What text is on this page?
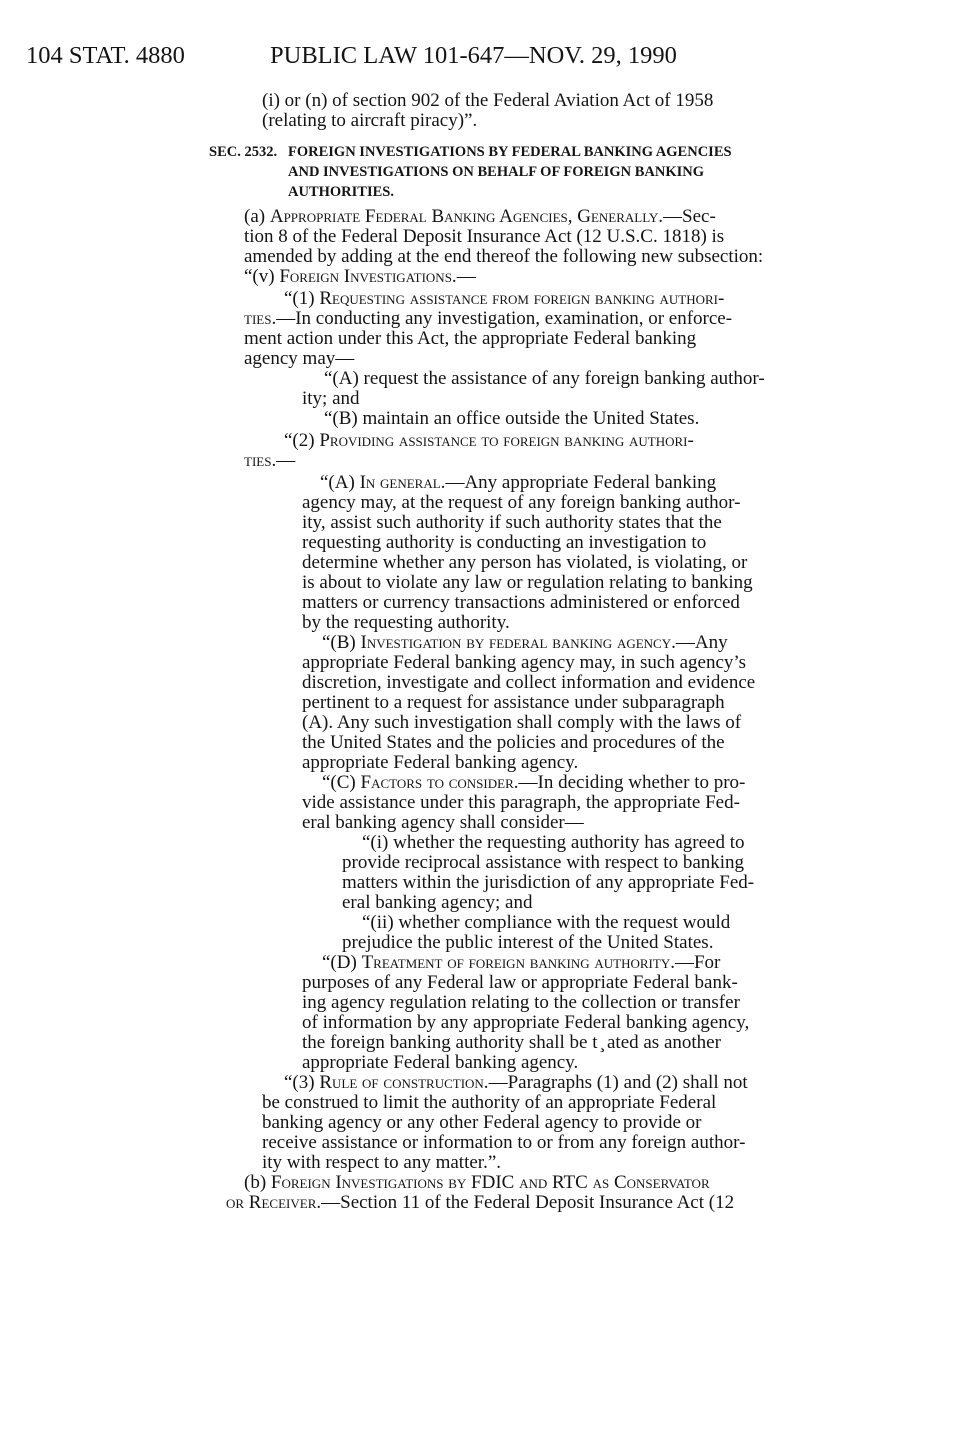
104 STAT. 4880	PUBLIC LAW 101-647—NOV. 29, 1990
(i) or (n) of section 902 of the Federal Aviation Act of 1958
(relating to aircraft piracy)”.
SEC. 2532. FOREIGN INVESTIGATIONS BY FEDERAL BANKING AGENCIES
AND INVESTIGATIONS ON BEHALF OF FOREIGN BANKING
AUTHORITIES.
(a) Appropriate Federal Banking Agencies, Generally.—Sec-
tion 8 of the Federal Deposit Insurance Act (12 U.S.C. 1818) is
amended by adding at the end thereof the following new subsection:
“(v) Foreign Investigations.—
“(1) Requesting assistance from foreign banking authori-
ties.—In conducting any investigation, examination, or enforce-
ment action under this Act, the appropriate Federal banking
agency may—
“(A) request the assistance of any foreign banking author-
ity; and
“(B) maintain an office outside the United States.
“(2) Providing assistance to foreign banking authori-
ties.—
“(A) In general.—Any appropriate Federal banking
agency may, at the request of any foreign banking author-
ity, assist such authority if such authority states that the
requesting authority is conducting an investigation to
determine whether any person has violated, is violating, or
is about to violate any law or regulation relating to banking
matters or currency transactions administered or enforced
by the requesting authority.
“(B) Investigation by federal banking agency.—Any
appropriate Federal banking agency may, in such agency’s
discretion, investigate and collect information and evidence
pertinent to a request for assistance under subparagraph
(A). Any such investigation shall comply with the laws of
the United States and the policies and procedures of the
appropriate Federal banking agency.
“(C) Factors to consider.—In deciding whether to pro-
vide assistance under this paragraph, the appropriate Fed-
eral banking agency shall consider—
“(i) whether the requesting authority has agreed to
provide reciprocal assistance with respect to banking
matters within the jurisdiction of any appropriate Fed-
eral banking agency; and
“(ii) whether compliance with the request would
prejudice the public interest of the United States.
“(D) Treatment of foreign banking authority.—For
purposes of any Federal law or appropriate Federal bank-
ing agency regulation relating to the collection or transfer
of information by any appropriate Federal banking agency,
the foreign banking authority shall be t ̧ ated as another
appropriate Federal banking agency.
“(3) Rule of construction.—Paragraphs (1) and (2) shall not
be construed to limit the authority of an appropriate Federal
banking agency or any other Federal agency to provide or
receive assistance or information to or from any foreign author-
ity with respect to any matter.”.
(b) Foreign Investigations by FDIC and RTC as Conservator
or Receiver.—Section 11 of the Federal Deposit Insurance Act (12
